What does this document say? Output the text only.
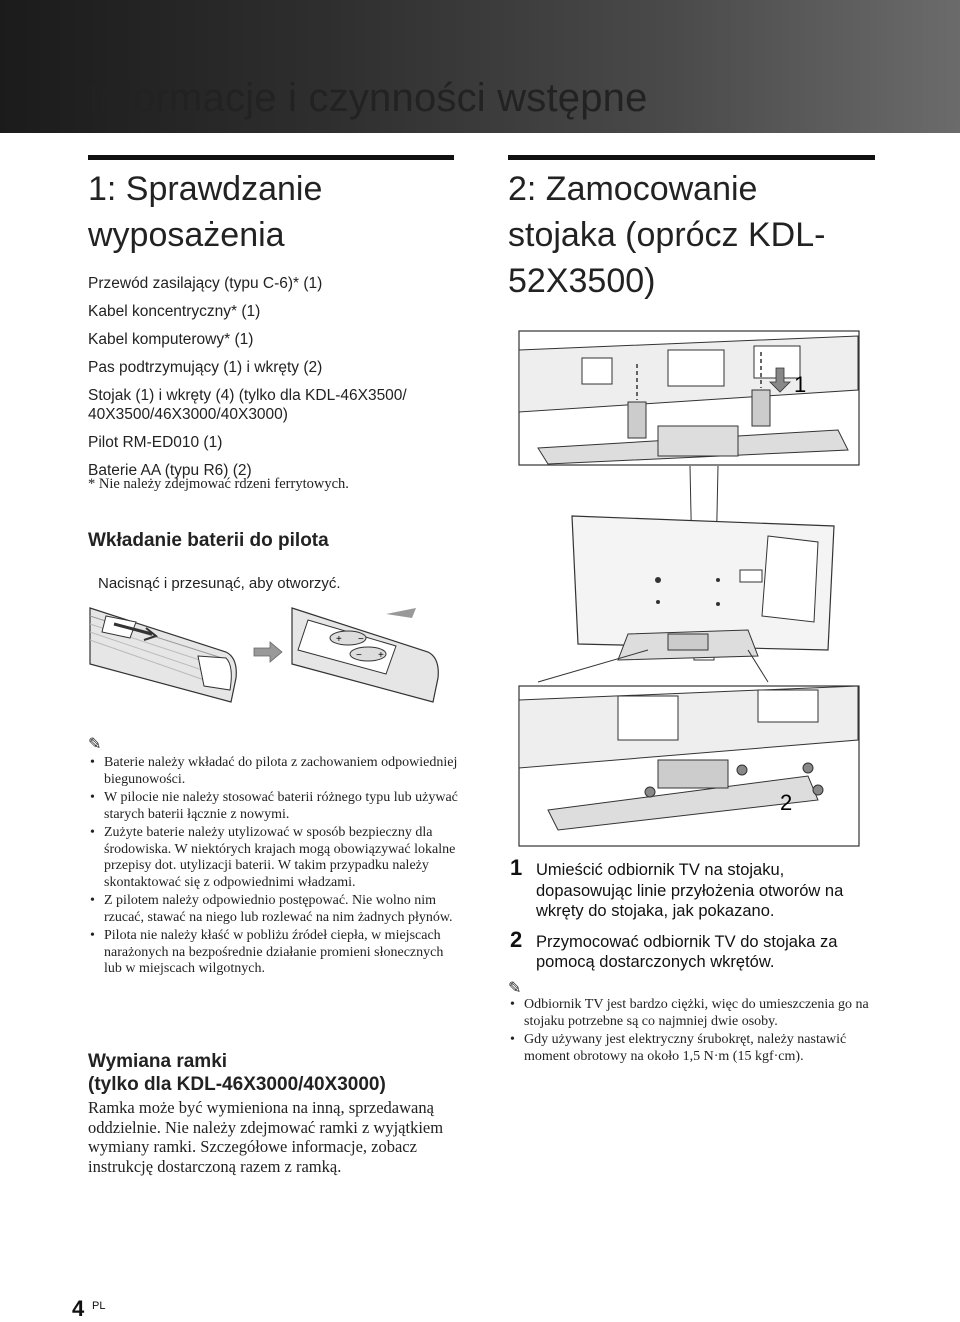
Informacje i czynności wstępne
1: Sprawdzanie
wyposażenia
Przewód zasilający (typu C-6)* (1)
Kabel koncentryczny* (1)
Kabel komputerowy* (1)
Pas podtrzymujący (1) i wkręty (2)
Stojak (1) i wkręty (4) (tylko dla KDL-46X3500/ 40X3500/46X3000/40X3000)
Pilot RM-ED010 (1)
Baterie AA (typu R6) (2)
* Nie należy zdejmować rdzeni ferrytowych.
Wkładanie baterii do pilota
Nacisnąć i przesunąć, aby otworzyć.
+ −
− +
✎
• Baterie należy wkładać do pilota z zachowaniem odpowiedniej biegunowości.
• W pilocie nie należy stosować baterii różnego typu lub używać starych baterii łącznie z nowymi.
• Zużyte baterie należy utylizować w sposób bezpieczny dla środowiska. W niektórych krajach mogą obowiązywać lokalne przepisy dot. utylizacji baterii. W takim przypadku należy skontaktować się z odpowiednimi władzami.
• Z pilotem należy odpowiednio postępować. Nie wolno nim rzucać, stawać na niego lub rozlewać na nim żadnych płynów.
• Pilota nie należy kłaść w pobliżu źródeł ciepła, w miejscach narażonych na bezpośrednie działanie promieni słonecznych lub w miejscach wilgotnych.
Wymiana ramki
(tylko dla KDL-46X3000/40X3000)

Ramka może być wymieniona na inną, sprzedawaną oddzielnie. Nie należy zdejmować ramki z wyjątkiem wymiany ramki. Szczegółowe informacje, zobacz instrukcję dostarczoną razem z ramką.

2: Zamocowanie
stojaka (oprócz KDL-
52X3500)
1
2
1 Umieścić odbiornik TV na stojaku, dopasowując linie przyłożenia otworów na wkręty do stojaka, jak pokazano.
2 Przymocować odbiornik TV do stojaka za pomocą dostarczonych wkrętów.
✎
• Odbiornik TV jest bardzo ciężki, więc do umieszczenia go na stojaku potrzebne są co najmniej dwie osoby.
• Gdy używany jest elektryczny śrubokręt, należy nastawić moment obrotowy na około 1,5 N·m (15 kgf·cm).
4 PL
